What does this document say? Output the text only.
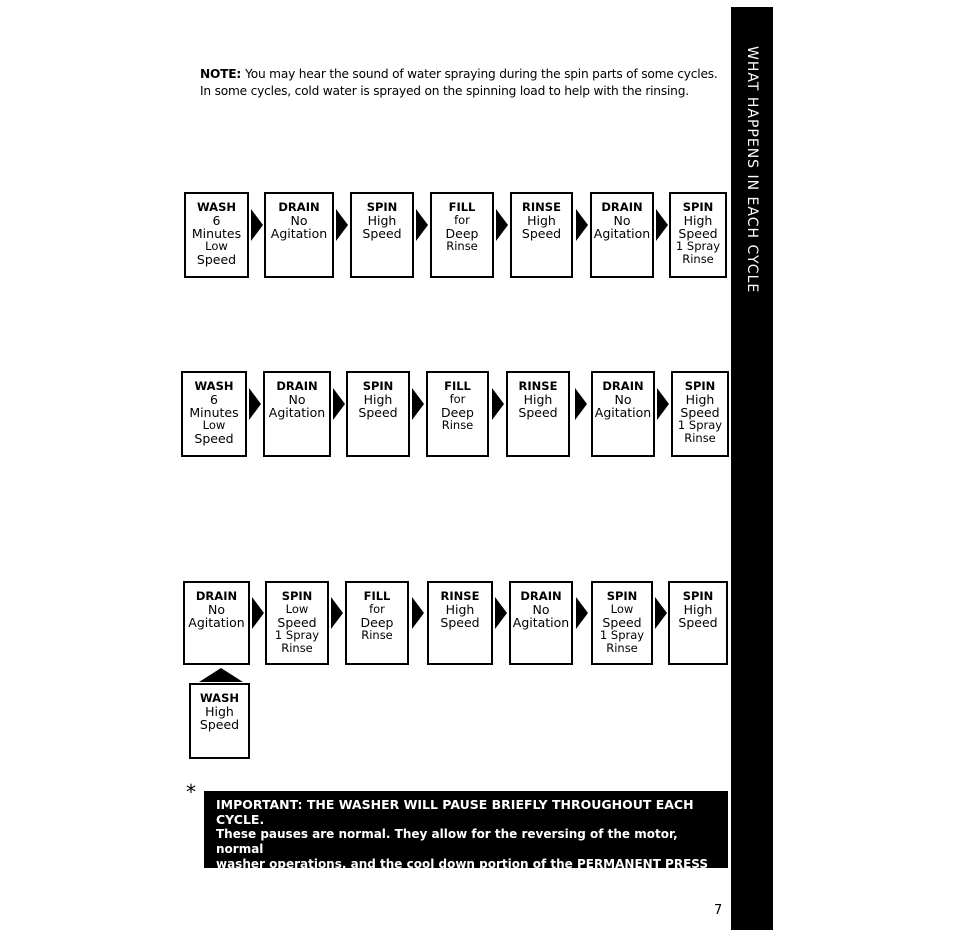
NOTE: You may hear the sound of water spraying during the spin parts of some cycles. In some cycles, cold water is sprayed on the spinning load to help with the rinsing.
WASH
6
Minutes
Low
Speed
DRAIN
No
Agitation
SPIN
High
Speed
FILL
for
Deep
Rinse
RINSE
High
Speed
DRAIN
No
Agitation
SPIN
High
Speed
1 Spray
Rinse
WASH
6
Minutes
Low
Speed
DRAIN
No
Agitation
SPIN
High
Speed
FILL
for
Deep
Rinse
RINSE
High
Speed
DRAIN
No
Agitation
SPIN
High
Speed
1 Spray
Rinse
DRAIN
No
Agitation
SPIN
Low
Speed
1 Spray
Rinse
FILL
for
Deep
Rinse
RINSE
High
Speed
DRAIN
No
Agitation
SPIN
Low
Speed
1 Spray
Rinse
SPIN
High
Speed
WASH
High
Speed
*
IMPORTANT: THE WASHER WILL PAUSE BRIEFLY THROUGHOUT EACH CYCLE.
These pauses are normal. They allow for the reversing of the motor, normal
washer operations, and the cool down portion of the PERMANENT PRESS
Cycle.
WHAT HAPPENS IN EACH CYCLE
7
